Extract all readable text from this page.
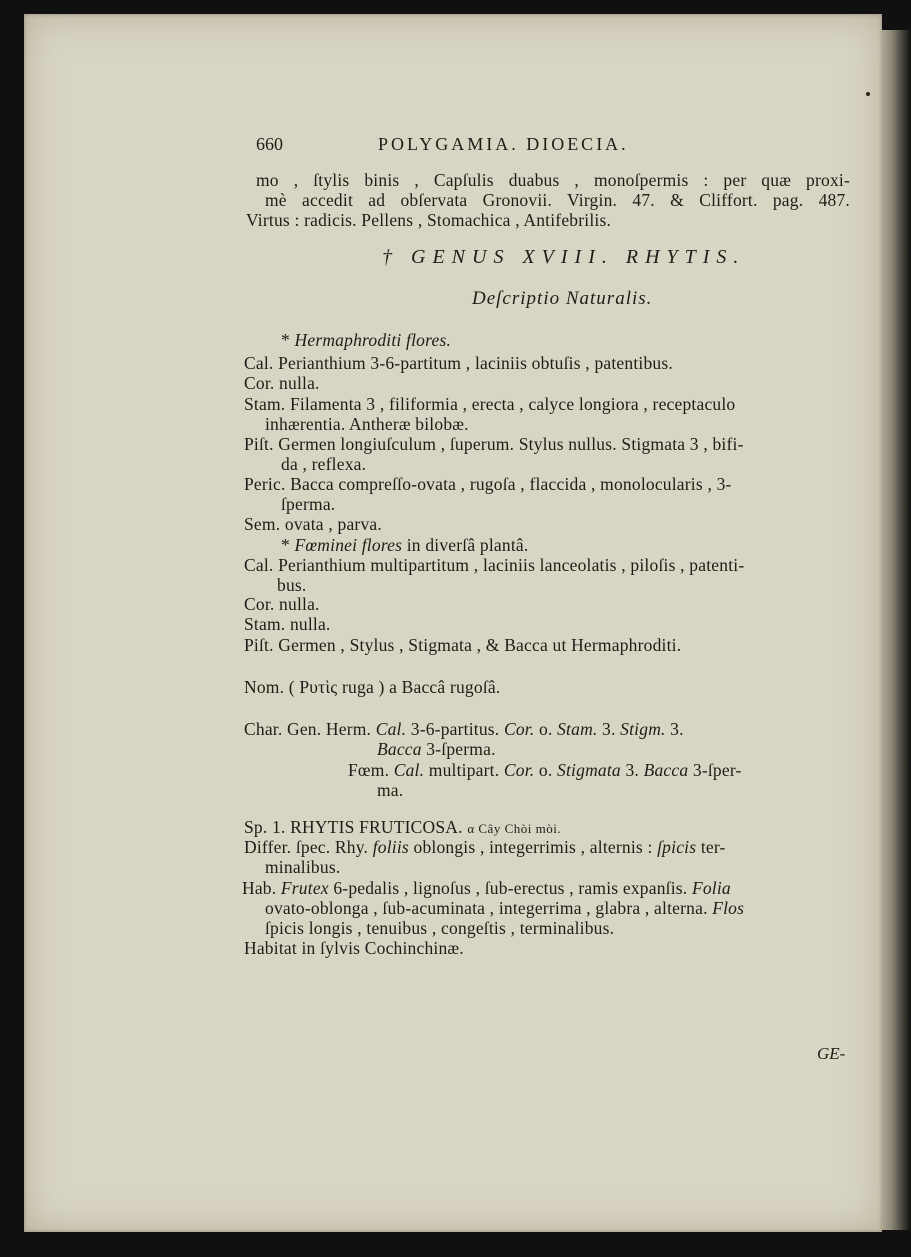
660	POLYGAMIA. DIOECIA.
mo , ſtylis binis , Capſulis duabus , monoſpermis : per quæ proxi-
mè accedit ad obſervata Gronovii. Virgin. 47. & Cliffort. pag. 487.
Virtus : radicis. Pellens , Stomachica , Antifebrilis.
† GENUS XVIII. RHYTIS.
Deſcriptio Naturalis.
* Hermaphroditi flores.
Cal. Perianthium 3-6-partitum , laciniis obtuſis , patentibus.
Cor. nulla.
Stam. Filamenta 3 , filiformia , erecta , calyce longiora , receptaculo
inhærentia. Antheræ bilobæ.
Piſt. Germen longiuſculum , ſuperum. Stylus nullus. Stigmata 3 , bifi-
da , reflexa.
Peric. Bacca compreſſo-ovata , rugoſa , flaccida , monolocularis , 3-
ſperma.
Sem. ovata , parva.
* Fœminei flores in diverſâ plantâ.
Cal. Perianthium multipartitum , laciniis lanceolatis , piloſis , patenti-
bus.
Cor. nulla.
Stam. nulla.
Piſt. Germen , Stylus , Stigmata , & Bacca ut Hermaphroditi.
Nom. ( Ρυτὶς ruga ) a Baccâ rugoſâ.
Char. Gen. Herm. Cal. 3-6-partitus. Cor. o. Stam. 3. Stigm. 3.
Bacca 3-ſperma.
Fœm. Cal. multipart. Cor. o. Stigmata 3. Bacca 3-ſper-
ma.
Sp. 1. RHYTIS FRUTICOSA. α Cây Chòi mòi.
Differ. ſpec. Rhy. foliis oblongis , integerrimis , alternis : ſpicis ter-
minalibus.
Hab. Frutex 6-pedalis , lignoſus , ſub-erectus , ramis expanſis. Folia
ovato-oblonga , ſub-acuminata , integerrima , glabra , alterna. Flos
ſpicis longis , tenuibus , congeſtis , terminalibus.
Habitat in ſylvis Cochinchinæ.
GE-
